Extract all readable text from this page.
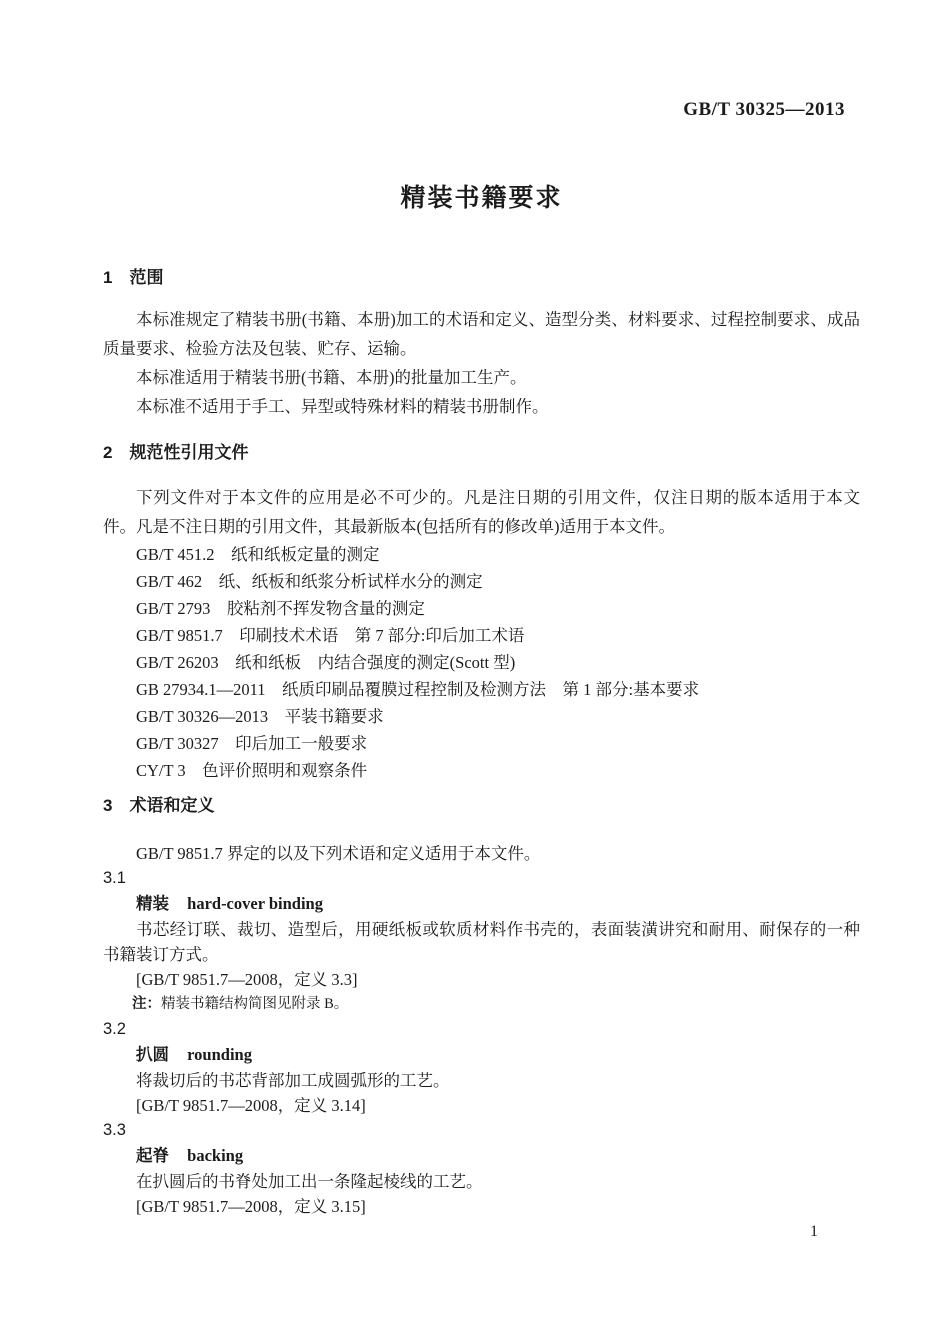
GB/T 30325—2013
精装书籍要求
1 范围

本标准规定了精装书册(书籍、本册)加工的术语和定义、造型分类、材料要求、过程控制要求、成品质量要求、检验方法及包装、贮存、运输。

本标准适用于精装书册(书籍、本册)的批量加工生产。

本标准不适用于手工、异型或特殊材料的精装书册制作。

2 规范性引用文件

下列文件对于本文件的应用是必不可少的。凡是注日期的引用文件，仅注日期的版本适用于本文件。凡是不注日期的引用文件，其最新版本(包括所有的修改单)适用于本文件。

GB/T 451.2　纸和纸板定量的测定
GB/T 462　纸、纸板和纸浆分析试样水分的测定
GB/T 2793　胶粘剂不挥发物含量的测定
GB/T 9851.7　印刷技术术语　第 7 部分:印后加工术语
GB/T 26203　纸和纸板　内结合强度的测定(Scott 型)
GB 27934.1—2011　纸质印刷品覆膜过程控制及检测方法　第 1 部分:基本要求
GB/T 30326—2013　平装书籍要求
GB/T 30327　印后加工一般要求
CY/T 3　色评价照明和观察条件
3 术语和定义

GB/T 9851.7 界定的以及下列术语和定义适用于本文件。

3.1
精装 hard-cover binding

书芯经订联、裁切、造型后，用硬纸板或软质材料作书壳的，表面装潢讲究和耐用、耐保存的一种书籍装订方式。

[GB/T 9851.7—2008，定义 3.3]

注：精装书籍结构简图见附录 B。

3.2
扒圆 rounding

将裁切后的书芯背部加工成圆弧形的工艺。

[GB/T 9851.7—2008，定义 3.14]

3.3
起脊 backing

在扒圆后的书脊处加工出一条隆起棱线的工艺。

[GB/T 9851.7—2008，定义 3.15]

1
